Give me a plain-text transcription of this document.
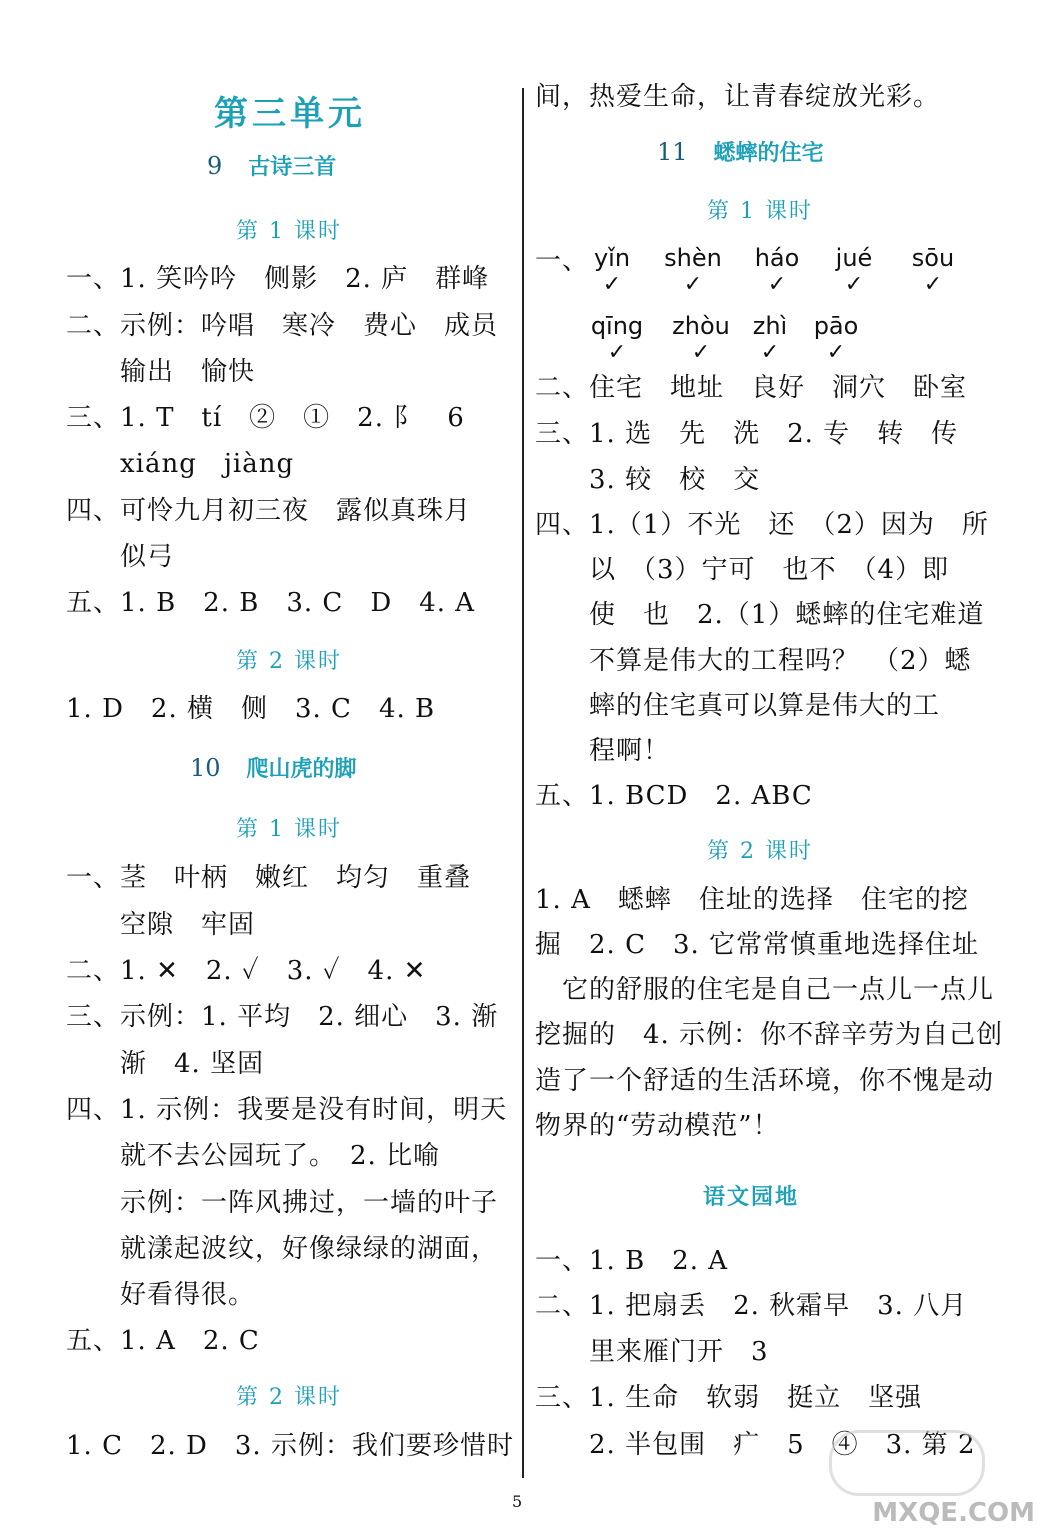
第三单元
9 古诗三首
第 1 课时
一、1. 笑吟吟　侧影　2. 庐　群峰
二、示例：吟唱　寒冷　费心　成员
　　输出　愉快
三、1. T　tí　②　①　2. ⻖　6
　　xiáng　jiàng
四、可怜九月初三夜　露似真珠月
　　似弓
五、1. B　2. B　3. C　D　4. A
第 2 课时
1. D　2. 横　侧　3. C　4. B
10 爬山虎的脚
第 1 课时
一、茎　叶柄　嫩红　均匀　重叠
　　空隙　牢固
二、1. ✕　2. ✓　3. ✓　4. ✕
三、示例：1. 平均　2. 细心　3. 渐
　　渐　4. 坚固
四、1. 示例：我要是没有时间，明天
　　就不去公园玩了。　2. 比喻
　　示例：一阵风拂过，一墙的叶子
　　就漾起波纹，好像绿绿的湖面，
　　好看得很。
五、1. A　2. C
第 2 课时
1. C　2. D　3. 示例：我们要珍惜时
间，热爱生命，让青春绽放光彩。
11 蟋蟀的住宅
第 1 课时
一、 yǐn
✓
shèn
✓
háo
✓
jué
✓
sōu
✓
qīng
✓
zhòu
✓
zhì
✓
pāo
✓
二、住宅　地址　良好　洞穴　卧室
三、1. 选　先　洗　2. 专　转　传
　　3. 较　校　交
四、1.（1）不光　还　（2）因为　所
　　以　（3）宁可　也不　（4）即
　　使　也　2.（1）蟋蟀的住宅难道
　　不算是伟大的工程吗？　（2）蟋
　　蟀的住宅真可以算是伟大的工
　　程啊！
五、1. BCD　2. ABC
第 2 课时
1. A　蟋蟀　住址的选择　住宅的挖
掘　2. C　3. 它常常慎重地选择住址
　它的舒服的住宅是自己一点儿一点儿
挖掘的　4. 示例：你不辞辛劳为自己创
造了一个舒适的生活环境，你不愧是动
物界的“劳动模范”！
语文园地
一、1. B　2. A
二、1. 把扇丢　2. 秋霜早　3. 八月
　　里来雁门开　3
三、1. 生命　软弱　挺立　坚强
　　2. 半包围　疒　5　④　3. 第 2
5	MXQE.COM
